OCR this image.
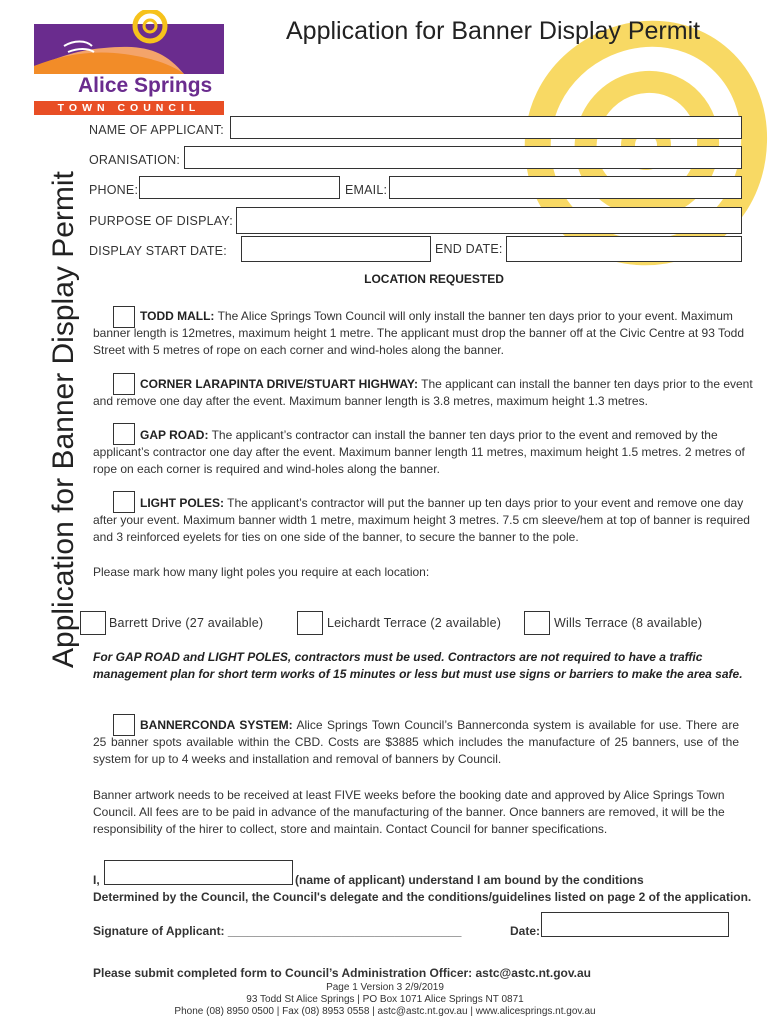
Alice Springs
TOWN COUNCIL
Application for Banner Display Permit
Application for Banner Display Permit
NAME OF APPLICANT:
ORANISATION:
PHONE:	EMAIL:
PURPOSE OF DISPLAY:
DISPLAY START DATE:	END DATE:
LOCATION REQUESTED
TODD MALL: The Alice Springs Town Council will only install the banner ten days prior to your event. Maximum banner length is 12metres, maximum height 1 metre. The applicant must drop the banner off at the Civic Centre at 93 Todd Street with 5 metres of rope on each corner and wind-holes along the banner.
CORNER LARAPINTA DRIVE/STUART HIGHWAY: The applicant can install the banner ten days prior to the event and remove one day after the event. Maximum banner length is 3.8 metres, maximum height 1.3 metres.
GAP ROAD: The applicant’s contractor can install the banner ten days prior to the event and removed by the applicant’s contractor one day after the event. Maximum banner length 11 metres, maximum height 1.5 metres. 2 metres of rope on each corner is required and wind-holes along the banner.
LIGHT POLES: The applicant’s contractor will put the banner up ten days prior to your event and remove one day after your event. Maximum banner width 1 metre, maximum height 3 metres. 7.5 cm sleeve/hem at top of banner is required and 3 reinforced eyelets for ties on one side of the banner, to secure the banner to the pole.
Please mark how many light poles you require at each location:
Barrett Drive (27 available)	Leichardt Terrace (2 available)	Wills Terrace (8 available)
For GAP ROAD and LIGHT POLES, contractors must be used. Contractors are not required to have a traffic management plan for short term works of 15 minutes or less but must use signs or barriers to make the area safe.
BANNERCONDA SYSTEM: Alice Springs Town Council’s Bannerconda system is available for use. There are 25 banner spots available within the CBD. Costs are $3885 which includes the manufacture of 25 banners, use of the system for up to 4 weeks and installation and removal of banners by Council.
Banner artwork needs to be received at least FIVE weeks before the booking date and approved by Alice Springs Town Council. All fees are to be paid in advance of the manufacturing of the banner. Once banners are removed, it will be the responsibility of the hirer to collect, store and maintain. Contact Council for banner specifications.
I,	(name of applicant) understand I am bound by the conditions
Determined by the Council, the Council's delegate and the conditions/guidelines listed on page 2 of the application.
Signature of Applicant: ___________________________________	Date:
Please submit completed form to Council’s Administration Officer: astc@astc.nt.gov.au
Page 1 Version 3 2/9/2019
93 Todd St Alice Springs | PO Box 1071 Alice Springs NT 0871
Phone (08) 8950 0500 | Fax (08) 8953 0558 | astc@astc.nt.gov.au | www.alicesprings.nt.gov.au
